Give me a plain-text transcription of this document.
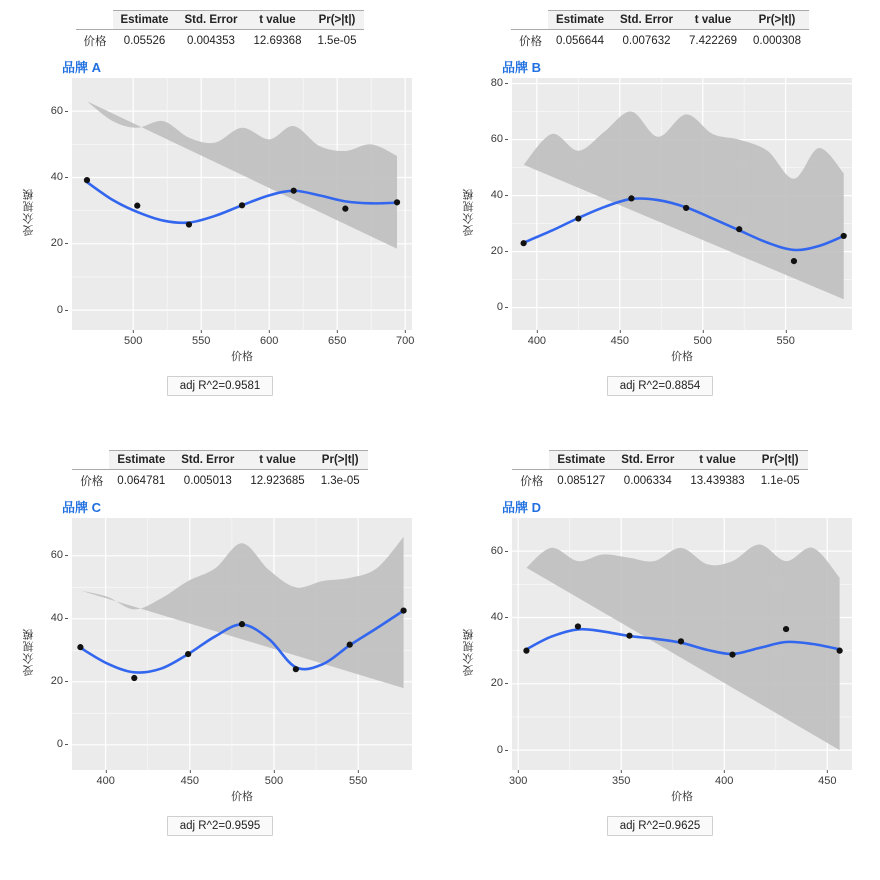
	Estimate	Std. Error	t value	Pr(>|t|)
价格	0.05526	0.004353	12.69368	1.5e-05
品牌 A
受众规模
0
20
40
60
500	550	600	650	700
价格
adj R^2=0.9581
	Estimate	Std. Error	t value	Pr(>|t|)
价格	0.056644	0.007632	7.422269	0.000308
品牌 B
受众规模
0
20
40
60
80
400	450	500	550
价格
adj R^2=0.8854
	Estimate	Std. Error	t value	Pr(>|t|)
价格	0.064781	0.005013	12.923685	1.3e-05
品牌 C
受众规模
0
20
40
60
400	450	500	550
价格
adj R^2=0.9595
	Estimate	Std. Error	t value	Pr(>|t|)
价格	0.085127	0.006334	13.439383	1.1e-05
品牌 D
受众规模
0
20
40
60
300	350	400	450
价格
adj R^2=0.9625
